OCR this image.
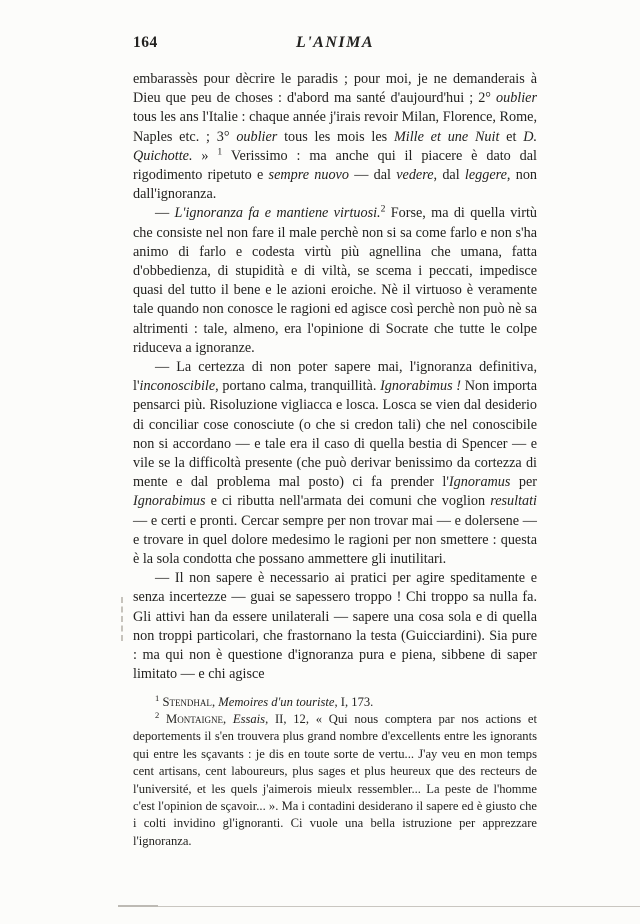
164	L'ANIMA

embarassès pour dècrire le paradis ; pour moi, je ne demanderais à Dieu que peu de choses : d'abord ma santé d'aujourd'hui ; 2° oublier tous les ans l'Italie : chaque année j'irais revoir Milan, Florence, Rome, Naples etc. ; 3° oublier tous les mois les Mille et une Nuit et D. Quichotte. » $^1$ Verissimo : ma anche qui il piacere è dato dal rigodimento ripetuto e sempre nuovo — dal vedere, dal leggere, non dall'ignoranza.

— L'ignoranza fa e mantiene virtuosi.$^2$ Forse, ma di quella virtù che consiste nel non fare il male perchè non si sa come farlo e non s'ha animo di farlo e codesta virtù più agnellina che umana, fatta d'obbedienza, di stupidità e di viltà, se scema i peccati, impedisce quasi del tutto il bene e le azioni eroiche. Nè il virtuoso è veramente tale quando non conosce le ragioni ed agisce così perchè non può nè sa altrimenti : tale, almeno, era l'opinione di Socrate che tutte le colpe riduceva a ignoranze.

— La certezza di non poter sapere mai, l'ignoranza definitiva, l'inconoscibile, portano calma, tranquillità. Ignorabimus ! Non importa pensarci più. Risoluzione vigliacca e losca. Losca se vien dal desiderio di conciliar cose conosciute (o che si credon tali) che nel conoscibile non si accordano — e tale era il caso di quella bestia di Spencer — e vile se la difficoltà presente (che può derivar benissimo da cortezza di mente e dal problema mal posto) ci fa prender l'Ignoramus per Ignorabimus e ci ributta nell'armata dei comuni che voglion resultati — e certi e pronti. Cercar sempre per non trovar mai — e dolersene — e trovare in quel dolore medesimo le ragioni per non smettere : questa è la sola condotta che possano ammettere gli inutilitari.

— Il non sapere è necessario ai pratici per agire speditamente e senza incertezze — guai se sapessero troppo ! Chi troppo sa nulla fa. Gli attivi han da essere unilaterali — sapere una cosa sola e di quella non troppi particolari, che frastornano la testa (Guicciardini). Sia pure : ma qui non è questione d'ignoranza pura e piena, sibbene di saper limitato — e chi agisce

$^1$ Stendhal, Memoires d'un touriste, I, 173.

$^2$ Montaigne, Essais, II, 12, « Qui nous comptera par nos actions et deportements il s'en trouvera plus grand nombre d'excellents entre les ignorants qui entre les sçavants : je dis en toute sorte de vertu... J'ay veu en mon temps cent artisans, cent laboureurs, plus sages et plus heureux que des recteurs de l'université, et les quels j'aimerois mieulx ressembler... La peste de l'homme c'est l'opinion de sçavoir... ». Ma i contadini desiderano il sapere ed è giusto che i colti invidino gl'ignoranti. Ci vuole una bella istruzione per apprezzare l'ignoranza.
